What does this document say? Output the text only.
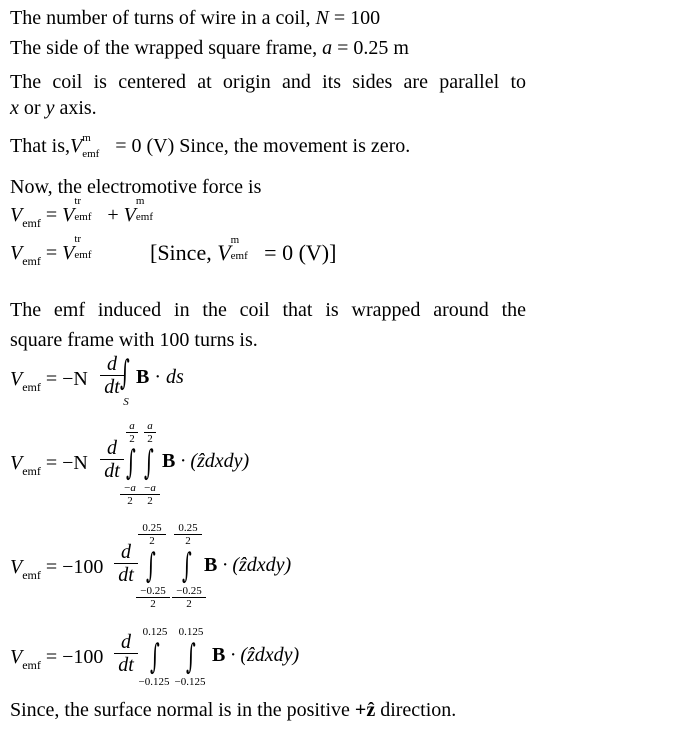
The number of turns of wire in a coil, N = 100
The side of the wrapped square frame, a = 0.25 m
The coil is centered at origin and its sides are parallel to
x or y axis.
That is,V m
emf = 0 (V) Since, the movement is zero.
Now, the electromotive force is
$V_{emf} = V$
tr
emf + V
m
emf
$V_{emf} = V$
tr
emf	[Since, V m
emf = 0 (V)]
The emf induced in the coil that is wrapped around the
square frame with 100 turns is.
$V_{emf} = -N \frac{d}{dt}$
∫
S
B · ds
$V_{emf} = -N \frac{d}{dt}$
a
2
a
2
∫ ∫
−a
2
−a
2
B · (ẑdxdy)
$V_{emf} = -100 \frac{d}{dt}$
0.25
2
0.25
2
∫ ∫
−0.25
2
−0.25
2
B · (ẑdxdy)
$V_{emf} = -100 \frac{d}{dt} 0.125$	0.125
∫ ∫
−0.125 −0.125
B · (ẑdxdy)
Since, the surface normal is in the positive +ẑ direction.
